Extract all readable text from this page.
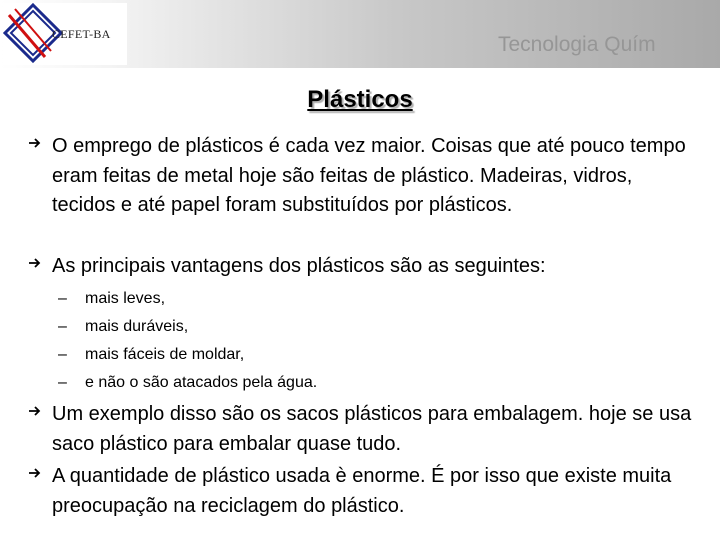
CEFET-BA	Tecnologia Quím
Plásticos
O emprego de plásticos é cada vez maior. Coisas que até pouco tempo eram feitas de metal hoje são feitas de plástico. Madeiras, vidros, tecidos e até papel foram substituídos por plásticos.
As principais vantagens dos plásticos são as seguintes:
– mais leves,
– mais duráveis,
– mais fáceis de moldar,
– e não o são atacados pela água.
Um exemplo disso são os sacos plásticos para embalagem. hoje se usa saco plástico para embalar quase tudo.
A quantidade de plástico usada è enorme. É por isso que existe muita preocupação na reciclagem do plástico.
